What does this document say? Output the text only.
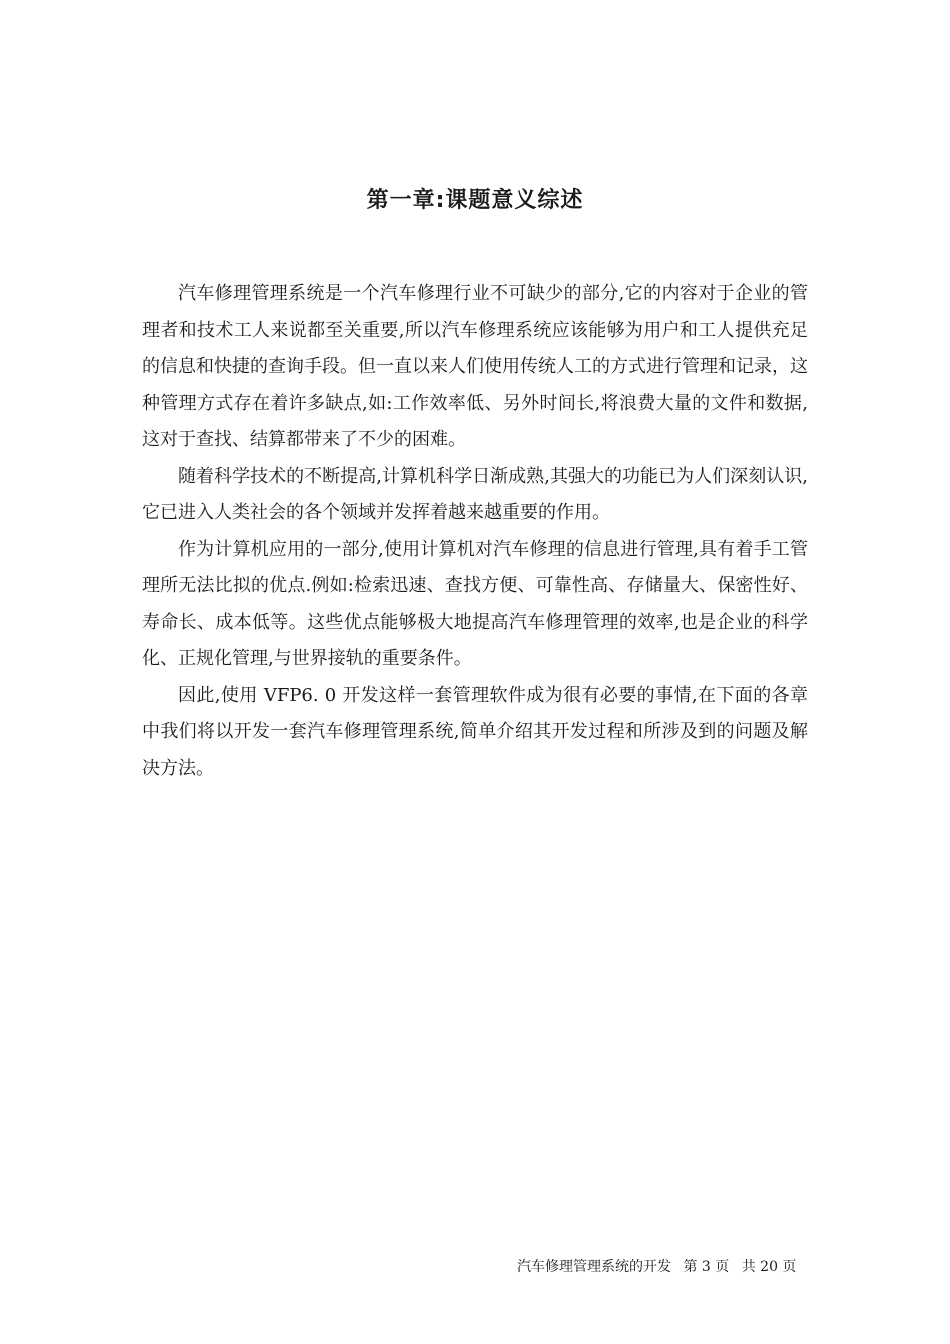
第一章:课题意义综述

汽车修理管理系统是一个汽车修理行业不可缺少的部分,它的内容对于企业的管理者和技术工人来说都至关重要,所以汽车修理系统应该能够为用户和工人提供充足的信息和快捷的查询手段。但一直以来人们使用传统人工的方式进行管理和记录，这种管理方式存在着许多缺点,如:工作效率低、另外时间长,将浪费大量的文件和数据,这对于查找、结算都带来了不少的困难。

随着科学技术的不断提高,计算机科学日渐成熟,其强大的功能已为人们深刻认识,它已进入人类社会的各个领域并发挥着越来越重要的作用。

作为计算机应用的一部分,使用计算机对汽车修理的信息进行管理,具有着手工管理所无法比拟的优点.例如:检索迅速、查找方便、可靠性高、存储量大、保密性好、寿命长、成本低等。这些优点能够极大地提高汽车修理管理的效率,也是企业的科学化、正规化管理,与世界接轨的重要条件。

因此,使用 VFP6. 0 开发这样一套管理软件成为很有必要的事情,在下面的各章中我们将以开发一套汽车修理管理系统,简单介绍其开发过程和所涉及到的问题及解决方法。

汽车修理管理系统的开发 第 3 页 共 20 页
